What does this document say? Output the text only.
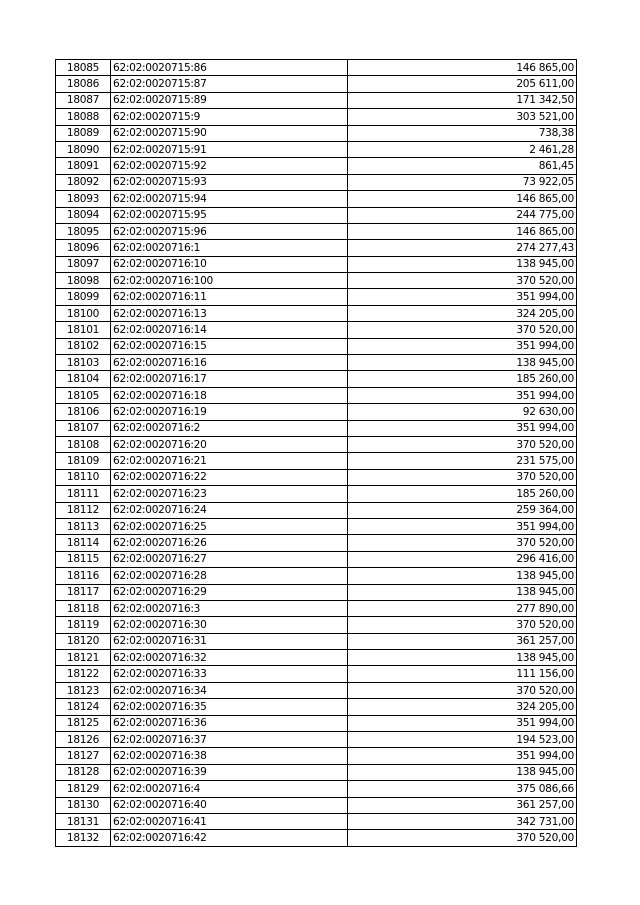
18085	62:02:0020715:86	146 865,00
18086	62:02:0020715:87	205 611,00
18087	62:02:0020715:89	171 342,50
18088	62:02:0020715:9	303 521,00
18089	62:02:0020715:90	738,38
18090	62:02:0020715:91	2 461,28
18091	62:02:0020715:92	861,45
18092	62:02:0020715:93	73 922,05
18093	62:02:0020715:94	146 865,00
18094	62:02:0020715:95	244 775,00
18095	62:02:0020715:96	146 865,00
18096	62:02:0020716:1	274 277,43
18097	62:02:0020716:10	138 945,00
18098	62:02:0020716:100	370 520,00
18099	62:02:0020716:11	351 994,00
18100	62:02:0020716:13	324 205,00
18101	62:02:0020716:14	370 520,00
18102	62:02:0020716:15	351 994,00
18103	62:02:0020716:16	138 945,00
18104	62:02:0020716:17	185 260,00
18105	62:02:0020716:18	351 994,00
18106	62:02:0020716:19	92 630,00
18107	62:02:0020716:2	351 994,00
18108	62:02:0020716:20	370 520,00
18109	62:02:0020716:21	231 575,00
18110	62:02:0020716:22	370 520,00
18111	62:02:0020716:23	185 260,00
18112	62:02:0020716:24	259 364,00
18113	62:02:0020716:25	351 994,00
18114	62:02:0020716:26	370 520,00
18115	62:02:0020716:27	296 416,00
18116	62:02:0020716:28	138 945,00
18117	62:02:0020716:29	138 945,00
18118	62:02:0020716:3	277 890,00
18119	62:02:0020716:30	370 520,00
18120	62:02:0020716:31	361 257,00
18121	62:02:0020716:32	138 945,00
18122	62:02:0020716:33	111 156,00
18123	62:02:0020716:34	370 520,00
18124	62:02:0020716:35	324 205,00
18125	62:02:0020716:36	351 994,00
18126	62:02:0020716:37	194 523,00
18127	62:02:0020716:38	351 994,00
18128	62:02:0020716:39	138 945,00
18129	62:02:0020716:4	375 086,66
18130	62:02:0020716:40	361 257,00
18131	62:02:0020716:41	342 731,00
18132	62:02:0020716:42	370 520,00
